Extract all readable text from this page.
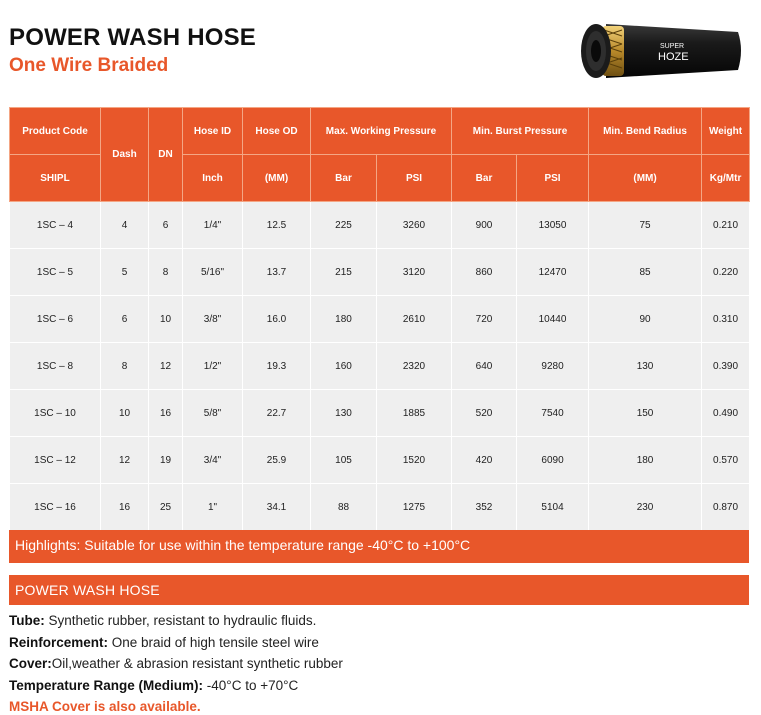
POWER WASH HOSE
One Wire Braided
SUPER
HOZE
Product Code	Dash	DN	Hose ID	Hose OD	Max. Working Pressure		Min. Burst Pressure		Min. Bend Radius	Weight
SHIPL			Inch	(MM)	Bar	PSI	Bar	PSI	(MM)	Kg/Mtr
1SC – 4	4	6	1/4"	12.5	225	3260	900	13050	75	0.210
1SC – 5	5	8	5/16"	13.7	215	3120	860	12470	85	0.220
1SC – 6	6	10	3/8"	16.0	180	2610	720	10440	90	0.310
1SC – 8	8	12	1/2"	19.3	160	2320	640	9280	130	0.390
1SC – 10	10	16	5/8"	22.7	130	1885	520	7540	150	0.490
1SC – 12	12	19	3/4"	25.9	105	1520	420	6090	180	0.570
1SC – 16	16	25	1"	34.1	88	1275	352	5104	230	0.870
Highlights: Suitable for use within the temperature range -40°C to +100°C
POWER WASH HOSE
Tube: Synthetic rubber, resistant to hydraulic fluids.
Reinforcement: One braid of high tensile steel wire
Cover:Oil,weather & abrasion resistant synthetic rubber
Temperature Range (Medium): -40°C to +70°C
MSHA Cover is also available.
